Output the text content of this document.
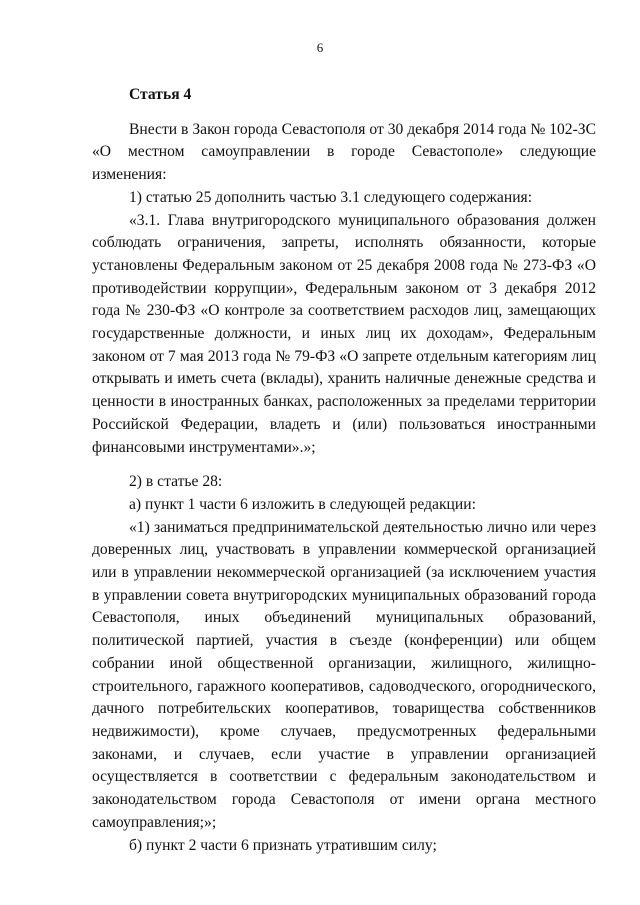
6
Статья 4

Внести в Закон города Севастополя от 30 декабря 2014 года № 102-ЗС «О местном самоуправлении в городе Севастополе» следующие изменения:

1) статью 25 дополнить частью 3.1 следующего содержания:

«3.1. Глава внутригородского муниципального образования должен соблюдать ограничения, запреты, исполнять обязанности, которые установлены Федеральным законом от 25 декабря 2008 года № 273-ФЗ «О противодействии коррупции», Федеральным законом от 3 декабря 2012 года № 230-ФЗ «О контроле за соответствием расходов лиц, замещающих государственные должности, и иных лиц их доходам», Федеральным законом от 7 мая 2013 года № 79-ФЗ «О запрете отдельным категориям лиц открывать и иметь счета (вклады), хранить наличные денежные средства и ценности в иностранных банках, расположенных за пределами территории Российской Федерации, владеть и (или) пользоваться иностранными финансовыми инструментами».»;

2) в статье 28:

а) пункт 1 части 6 изложить в следующей редакции:

«1) заниматься предпринимательской деятельностью лично или через доверенных лиц, участвовать в управлении коммерческой организацией или в управлении некоммерческой организацией (за исключением участия в управлении совета внутригородских муниципальных образований города Севастополя, иных объединений муниципальных образований, политической партией, участия в съезде (конференции) или общем собрании иной общественной организации, жилищного, жилищно-строительного, гаражного кооперативов, садоводческого, огороднического, дачного потребительских кооперативов, товарищества собственников недвижимости), кроме случаев, предусмотренных федеральными законами, и случаев, если участие в управлении организацией осуществляется в соответствии с федеральным законодательством и законодательством города Севастополя от имени органа местного самоуправления;»;

б) пункт 2 части 6 признать утратившим силу;
